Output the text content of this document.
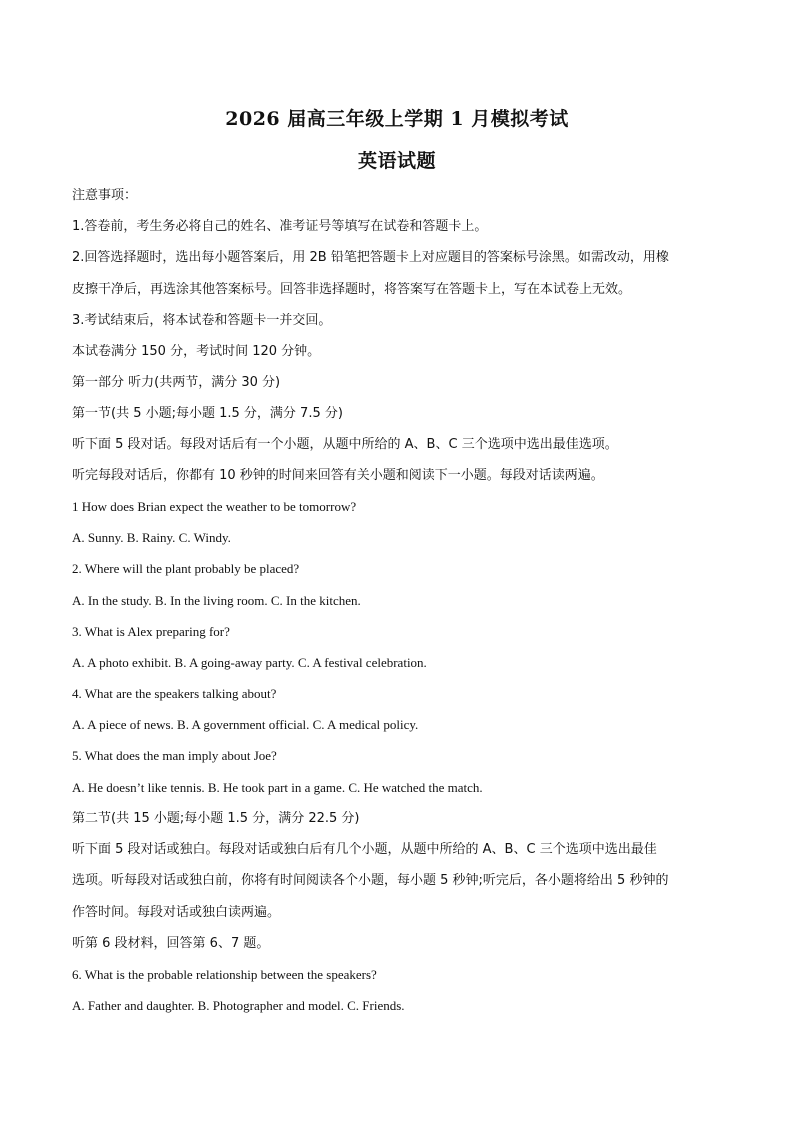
2026 届高三年级上学期 1 月模拟考试
英语试题
注意事项：
1.答卷前，考生务必将自己的姓名、准考证号等填写在试卷和答题卡上。
2.回答选择题时，选出每小题答案后，用 2B 铅笔把答题卡上对应题目的答案标号涂黑。如需改动，用橡
皮擦干净后，再选涂其他答案标号。回答非选择题时，将答案写在答题卡上，写在本试卷上无效。
3.考试结束后，将本试卷和答题卡一并交回。
本试卷满分 150 分，考试时间 120 分钟。
第一部分 听力(共两节，满分 30 分)
第一节(共 5 小题;每小题 1.5 分，满分 7.5 分)
听下面 5 段对话。每段对话后有一个小题，从题中所给的 A、B、C 三个选项中选出最佳选项。
听完每段对话后，你都有 10 秒钟的时间来回答有关小题和阅读下一小题。每段对话读两遍。
1 How does Brian expect the weather to be tomorrow?
A. Sunny. B. Rainy. C. Windy.
2. Where will the plant probably be placed?
A. In the study. B. In the living room. C. In the kitchen.
3. What is Alex preparing for?
A. A photo exhibit. B. A going-away party. C. A festival celebration.
4. What are the speakers talking about?
A. A piece of news. B. A government official. C. A medical policy.
5. What does the man imply about Joe?
A. He doesn’t like tennis. B. He took part in a game. C. He watched the match.
第二节(共 15 小题;每小题 1.5 分，满分 22.5 分)
听下面 5 段对话或独白。每段对话或独白后有几个小题，从题中所给的 A、B、C 三个选项中选出最佳
选项。听每段对话或独白前，你将有时间阅读各个小题，每小题 5 秒钟;听完后，各小题将给出 5 秒钟的
作答时间。每段对话或独白读两遍。
听第 6 段材料，回答第 6、7 题。
6. What is the probable relationship between the speakers?
A. Father and daughter. B. Photographer and model. C. Friends.
